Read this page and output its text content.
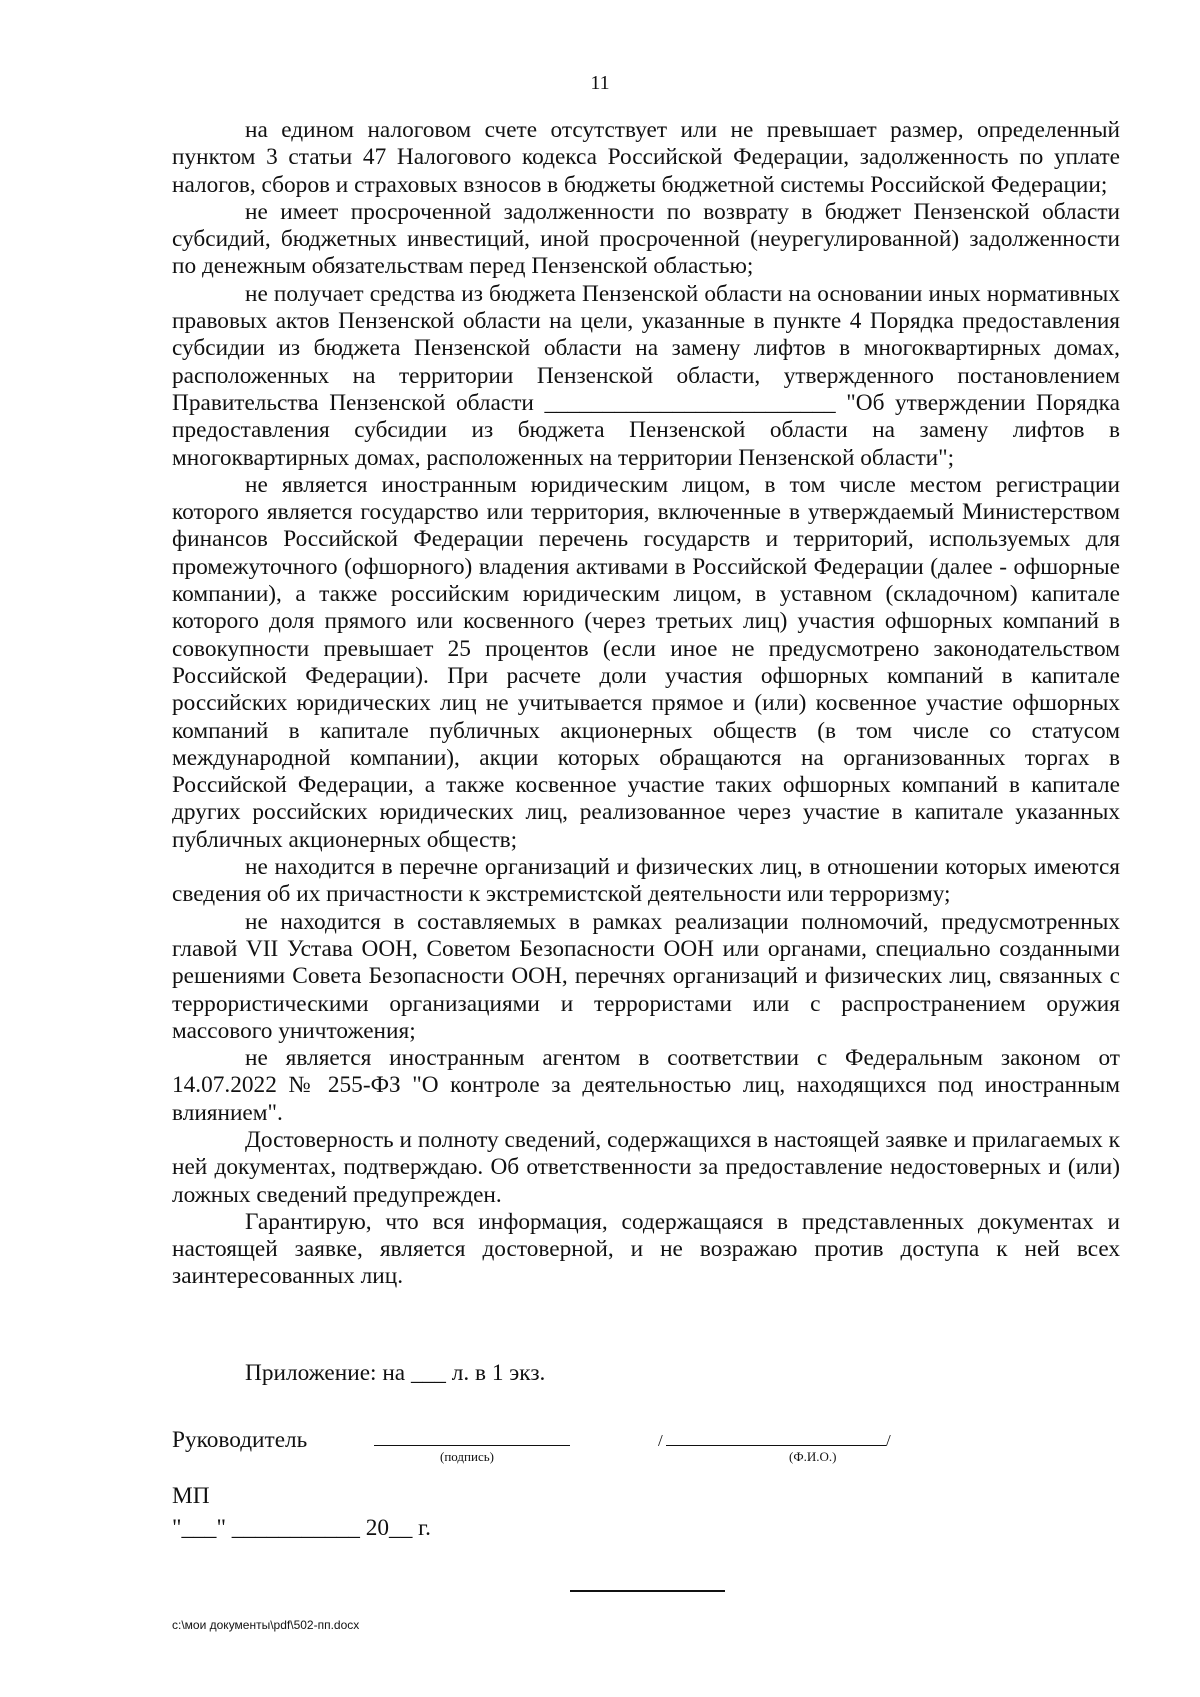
11

на едином налоговом счете отсутствует или не превышает размер, определенный пунктом 3 статьи 47 Налогового кодекса Российской Федерации, задолженность по уплате налогов, сборов и страховых взносов в бюджеты бюджетной системы Российской Федерации;

не имеет просроченной задолженности по возврату в бюджет Пензенской области субсидий, бюджетных инвестиций, иной просроченной (неурегулированной) задолженности по денежным обязательствам перед Пензенской областью;

не получает средства из бюджета Пензенской области на основании иных нормативных правовых актов Пензенской области на цели, указанные в пункте 4 Порядка предоставления субсидии из бюджета Пензенской области на замену лифтов в многоквартирных домах, расположенных на территории Пензенской области, утвержденного постановлением Правительства Пензенской области _________________________ "Об утверждении Порядка предоставления субсидии из бюджета Пензенской области на замену лифтов в многоквартирных домах, расположенных на территории Пензенской области";

не является иностранным юридическим лицом, в том числе местом регистрации которого является государство или территория, включенные в утверждаемый Министерством финансов Российской Федерации перечень государств и территорий, используемых для промежуточного (офшорного) владения активами в Российской Федерации (далее - офшорные компании), а также российским юридическим лицом, в уставном (складочном) капитале которого доля прямого или косвенного (через третьих лиц) участия офшорных компаний в совокупности превышает 25 процентов (если иное не предусмотрено законодательством Российской Федерации). При расчете доли участия офшорных компаний в капитале российских юридических лиц не учитывается прямое и (или) косвенное участие офшорных компаний в капитале публичных акционерных обществ (в том числе со статусом международной компании), акции которых обращаются на организованных торгах в Российской Федерации, а также косвенное участие таких офшорных компаний в капитале других российских юридических лиц, реализованное через участие в капитале указанных публичных акционерных обществ;

не находится в перечне организаций и физических лиц, в отношении которых имеются сведения об их причастности к экстремистской деятельности или терроризму;

не находится в составляемых в рамках реализации полномочий, предусмотренных главой VII Устава ООН, Советом Безопасности ООН или органами, специально созданными решениями Совета Безопасности ООН, перечнях организаций и физических лиц, связанных с террористическими организациями и террористами или с распространением оружия массового уничтожения;

не является иностранным агентом в соответствии с Федеральным законом от 14.07.2022 № 255-ФЗ "О контроле за деятельностью лиц, находящихся под иностранным влиянием".

Достоверность и полноту сведений, содержащихся в настоящей заявке и прилагаемых к ней документах, подтверждаю. Об ответственности за предоставление недостоверных и (или) ложных сведений предупрежден.

Гарантирую, что вся информация, содержащаяся в представленных документах и настоящей заявке, является достоверной, и не возражаю против доступа к ней всех заинтересованных лиц.

Приложение: на ___ л. в 1 экз.
Руководитель
(подпись)
/	/
(Ф.И.О.)
МП
"___" ___________ 20__ г.
c:\мои документы\pdf\502-пп.docx
